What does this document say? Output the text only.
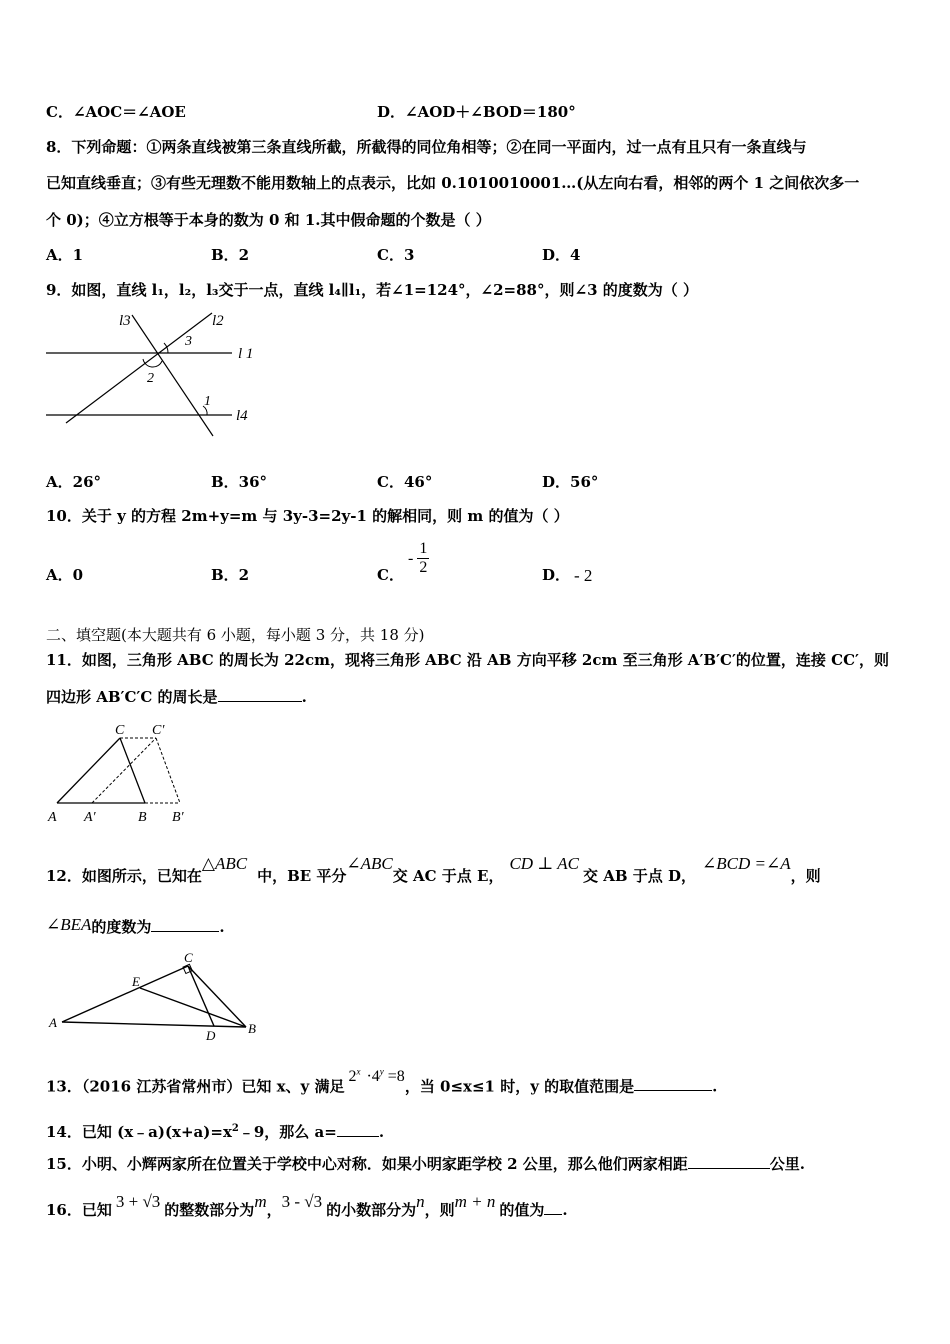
C．∠AOC＝∠AOE	D．∠AOD＋∠BOD＝180°
8．下列命题：①两条直线被第三条直线所截，所截得的同位角相等；②在同一平面内，过一点有且只有一条直线与
已知直线垂直；③有些无理数不能用数轴上的点表示，比如 0.1010010001…(从左向右看，相邻的两个 1 之间依次多一
个 0)；④立方根等于本身的数为 0 和 1.其中假命题的个数是（ ）
A．1	B．2	C．3	D．4
9．如图，直线 l₁，l₂，l₃交于一点，直线 l₄∥l₁，若∠1=124°，∠2=88°，则∠3 的度数为（ ）
l3	l2
l 1
l4
3
2
1
A．26°	B．36°	C．46°	D．56°
10．关于 y 的方程 2m+y=m 与 3y-3=2y-1 的解相同，则 m 的值为（ ）
A．0	B．2	C．
- $\frac{1}{2}$	D． - 2
二、填空题(本大题共有 6 小题，每小题 3 分，共 18 分)
11．如图，三角形 ABC 的周长为 22cm，现将三角形 ABC 沿 AB 方向平移 2cm 至三角形 A′B′C′的位置，连接 CC′，则
四边形 AB′C′C 的周长是	.
C C′
A A′	B B′
12．如图所示，已知在△ABC中，BE 平分∠ABC交 AC 于点 E，CD ⊥ AC交 AB 于点 D，∠BCD =∠A，则
∠BEA的度数为	.
C
E
A
D	B
13．（2016 江苏省常州市）已知 x、y 满足$2^x \cdot 4^y =8$，当 0≤x≤1 时，y 的取值范围是	.
14．已知 $(x﹣a)(x+a)=x^2﹣9$，那么 a=	.
15．小明、小辉两家所在位置关于学校中心对称．如果小明家距学校 2 公里，那么他们两家相距	公里.
16．已知 3 + √3 的整数部分为m，3 - √3 的小数部分为n，则m + n 的值为 .
